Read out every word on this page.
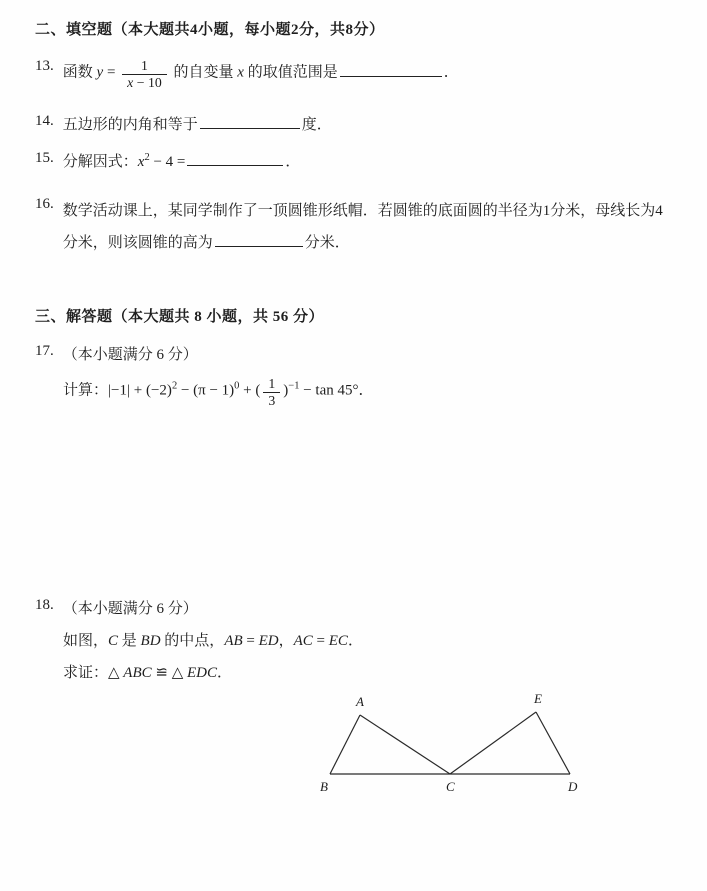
二、填空题（本大题共4小题，每小题2分，共8分）
13. 函数 $y = \frac{1}{x - 10}$ 的自变量 x 的取值范围是	．
14. 五边形的内角和等于	度．
15. 分解因式：$x^2 - 4$ =	．
16. 数学活动课上，某同学制作了一顶圆锥形纸帽．若圆锥的底面圆的半径为1分米，母线长为4分米，则该圆锥的高为	分米．
三、解答题（本大题共 8 小题，共 56 分）
17. （本小题满分 6 分）
计算：$|-1| + (-2)^2 - (\pi - 1)^0$ + ( $\frac{1}{3} )^{-1} - \tan 45^\circ$．
18. （本小题满分 6 分）
如图，C 是 BD 的中点，AB = ED，AC = EC．
求证：△ ABC ≌ △ EDC．
A
B	C	D
E
